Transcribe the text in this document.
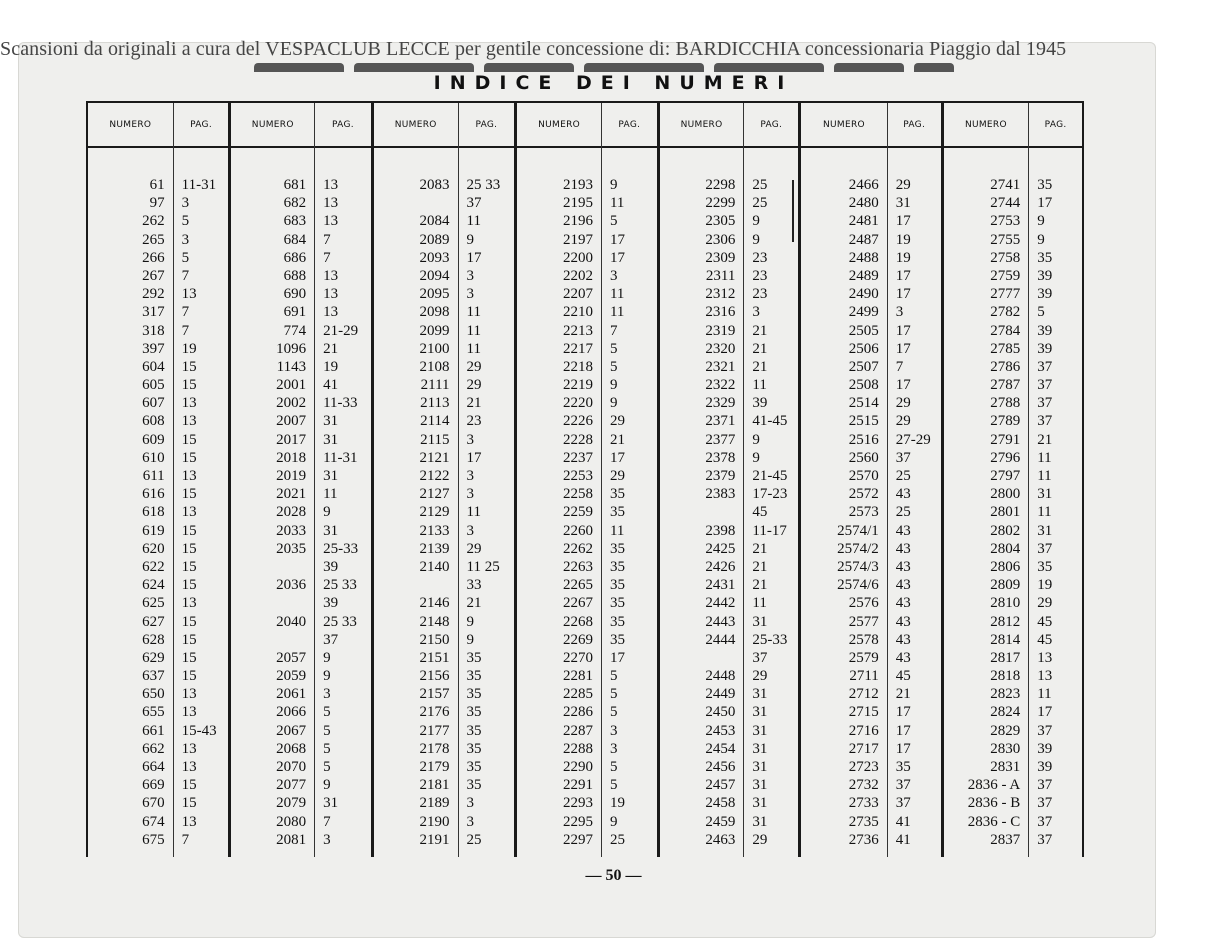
Scansioni da originali a cura del VESPACLUB LECCE per gentile concessione di: BARDICCHIA concessionaria Piaggio dal 1945
INDICE DEI NUMERI
NUMERO
61
97
262
265
266
267
292
317
318
397
604
605
607
608
609
610
611
616
618
619
620
622
624
625
627
628
629
637
650
655
661
662
664
669
670
674
675
PAG.
11-31
3
5
3
5
7
13
7
7
19
15
15
13
13
15
15
13
15
13
15
15
15
15
13
15
15
15
15
13
13
15-43
13
13
15
15
13
7
NUMERO
681
682
683
684
686
688
690
691
774
1096
1143
2001
2002
2007
2017
2018
2019
2021
2028
2033
2035
2036
2040
2057
2059
2061
2066
2067
2068
2070
2077
2079
2080
2081
PAG.
13
13
13
7
7
13
13
13
21-29
21
19
41
11-33
31
31
11-31
31
11
9
31
25-33
39
25 33
39
25 33
37
9
9
3
5
5
5
5
9
31
7
3
NUMERO
2083
2084
2089
2093
2094
2095
2098
2099
2100
2108
2111
2113
2114
2115
2121
2122
2127
2129
2133
2139
2140
2146
2148
2150
2151
2156
2157
2176
2177
2178
2179
2181
2189
2190
2191
PAG.
25 33
37
11
9
17
3
3
11
11
11
29
29
21
23
3
17
3
3
11
3
29
11 25
33
21
9
9
35
35
35
35
35
35
35
35
3
3
25
NUMERO
2193
2195
2196
2197
2200
2202
2207
2210
2213
2217
2218
2219
2220
2226
2228
2237
2253
2258
2259
2260
2262
2263
2265
2267
2268
2269
2270
2281
2285
2286
2287
2288
2290
2291
2293
2295
2297
PAG.
9
11
5
17
17
3
11
11
7
5
5
9
9
29
21
17
29
35
35
11
35
35
35
35
35
35
17
5
5
5
3
3
5
5
19
9
25
NUMERO
2298
2299
2305
2306
2309
2311
2312
2316
2319
2320
2321
2322
2329
2371
2377
2378
2379
2383
2398
2425
2426
2431
2442
2443
2444
2448
2449
2450
2453
2454
2456
2457
2458
2459
2463
PAG.
25
25
9
9
23
23
23
3
21
21
21
11
39
41-45
9
9
21-45
17-23
45
11-17
21
21
21
11
31
25-33
37
29
31
31
31
31
31
31
31
31
29
NUMERO
2466
2480
2481
2487
2488
2489
2490
2499
2505
2506
2507
2508
2514
2515
2516
2560
2570
2572
2573
2574/1
2574/2
2574/3
2574/6
2576
2577
2578
2579
2711
2712
2715
2716
2717
2723
2732
2733
2735
2736
PAG.
29
31
17
19
19
17
17
3
17
17
7
17
29
29
27-29
37
25
43
25
43
43
43
43
43
43
43
43
45
21
17
17
17
35
37
37
41
41
NUMERO
2741
2744
2753
2755
2758
2759
2777
2782
2784
2785
2786
2787
2788
2789
2791
2796
2797
2800
2801
2802
2804
2806
2809
2810
2812
2814
2817
2818
2823
2824
2829
2830
2831
2836 - A
2836 - B
2836 - C
2837
PAG.
35
17
9
9
35
39
39
5
39
39
37
37
37
37
21
11
11
31
11
31
37
35
19
29
45
45
13
13
11
17
37
39
39
37
37
37
37
— 50 —
